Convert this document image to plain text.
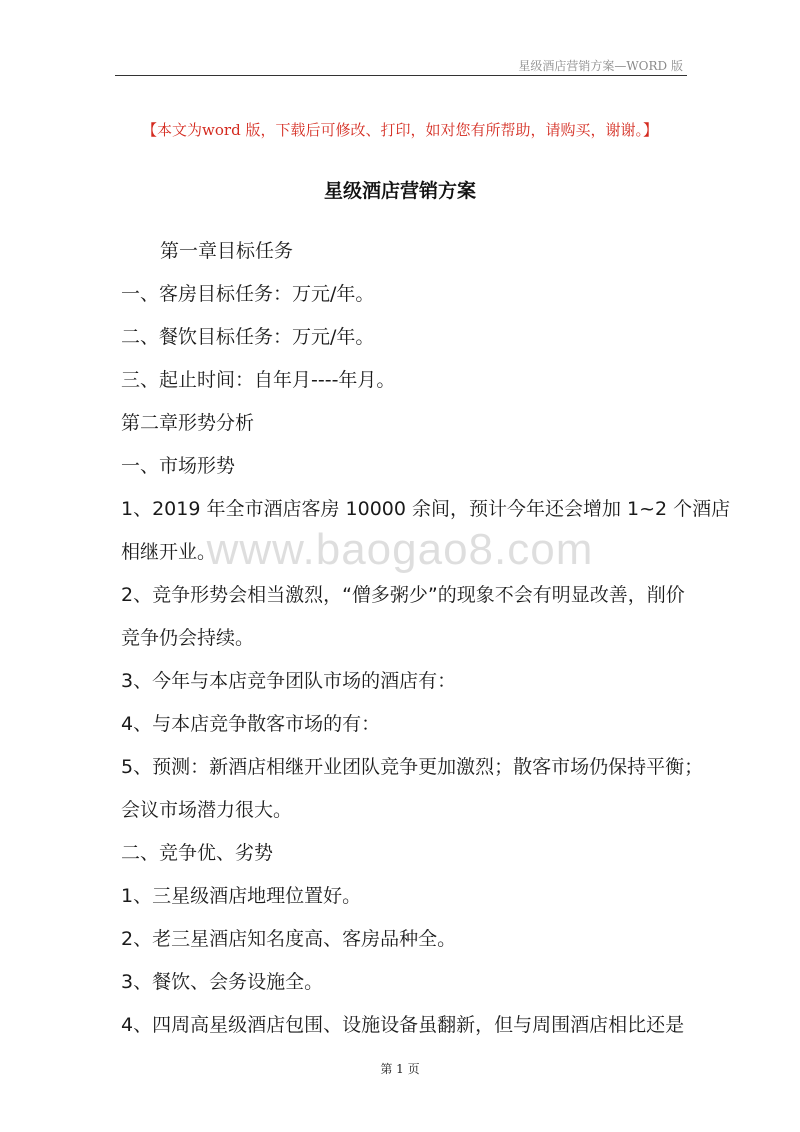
星级酒店营销方案—WORD 版
【本文为word 版，下载后可修改、打印，如对您有所帮助，请购买，谢谢。】
星级酒店营销方案
第一章目标任务
一、客房目标任务：万元/年。
二、餐饮目标任务：万元/年。
三、起止时间：自年月----年月。
第二章形势分析
一、市场形势
1、2019 年全市酒店客房 10000 余间，预计今年还会增加 1~2 个酒店
相继开业。
2、竞争形势会相当激烈，“僧多粥少”的现象不会有明显改善，削价
竞争仍会持续。
3、今年与本店竞争团队市场的酒店有：
4、与本店竞争散客市场的有：
5、预测：新酒店相继开业团队竞争更加激烈；散客市场仍保持平衡；
会议市场潜力很大。
二、竞争优、劣势
1、三星级酒店地理位置好。
2、老三星酒店知名度高、客房品种全。
3、餐饮、会务设施全。
4、四周高星级酒店包围、设施设备虽翻新，但与周围酒店相比还是
www.baogao8.com
第 1 页
